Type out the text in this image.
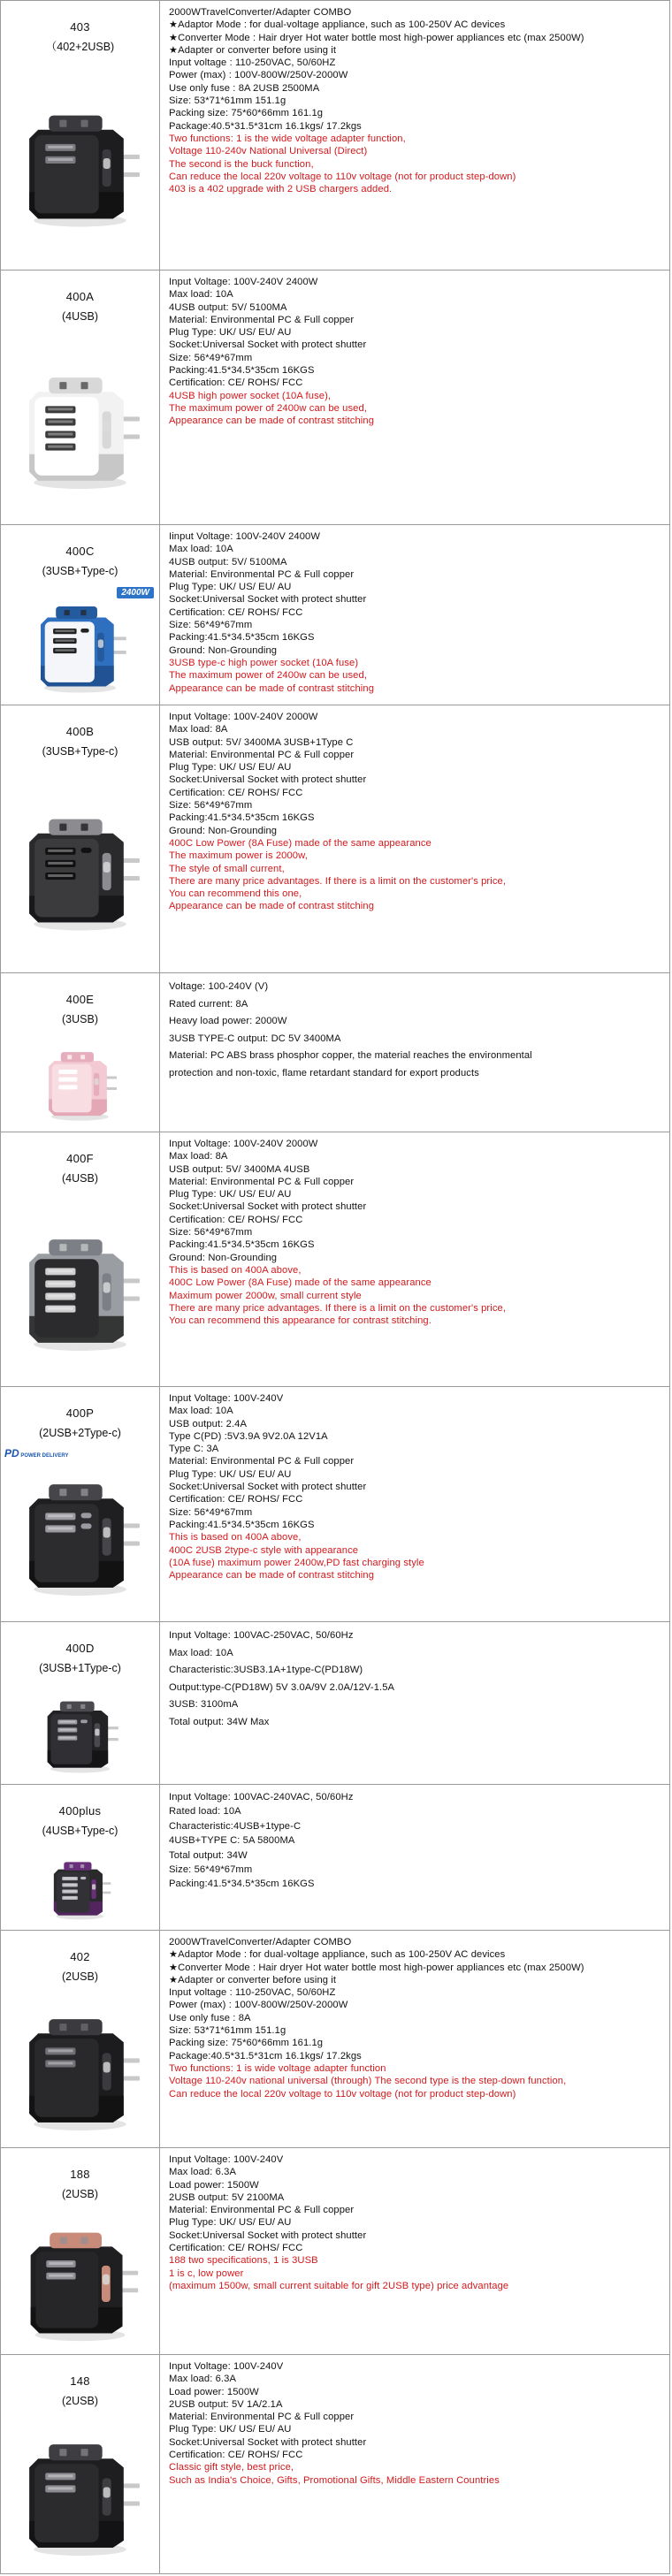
403
（402+2USB)
2000WTravelConverter/Adapter COMBO
★Adaptor Mode : for dual-voltage appliance, such as 100-250V AC devices
★Converter Mode : Hair dryer Hot water bottle most high-power appliances etc (max 2500W)
★Adapter or converter before using it
Input voltage : 110-250VAC, 50/60HZ
Power (max) : 100V-800W/250V-2000W
Use only fuse : 8A 2USB 2500MA
Size: 53*71*61mm 151.1g
Packing size: 75*60*66mm 161.1g
Package:40.5*31.5*31cm 16.1kgs/ 17.2kgs
Two functions: 1 is the wide voltage adapter function,
Voltage 110-240v National Universal (Direct)
The second is the buck function,
Can reduce the local 220v voltage to 110v voltage (not for product step-down)
403 is a 402 upgrade with 2 USB chargers added.
400A
(4USB)
Input Voltage: 100V-240V 2400W
Max load: 10A
4USB output: 5V/ 5100MA
Material: Environmental PC & Full copper
Plug Type: UK/ US/ EU/ AU
Socket:Universal Socket with protect shutter
Size: 56*49*67mm
Packing:41.5*34.5*35cm 16KGS
Certification: CE/ ROHS/ FCC
4USB high power socket (10A fuse),
The maximum power of 2400w can be used,
Appearance can be made of contrast stitching
400C
(3USB+Type-c)
2400W
Iinput Voltage: 100V-240V 2400W
Max load: 10A
4USB output: 5V/ 5100MA
Material: Environmental PC & Full copper
Plug Type: UK/ US/ EU/ AU
Socket:Universal Socket with protect shutter
Certification: CE/ ROHS/ FCC
Size: 56*49*67mm
Packing:41.5*34.5*35cm 16KGS
Ground: Non-Grounding
3USB type-c high power socket (10A fuse)
The maximum power of 2400w can be used,
Appearance can be made of contrast stitching
400B
(3USB+Type-c)
Input Voltage: 100V-240V 2000W
Max load: 8A
USB output: 5V/ 3400MA 3USB+1Type C
Material: Environmental PC & Full copper
Plug Type: UK/ US/ EU/ AU
Socket:Universal Socket with protect shutter
Certification: CE/ ROHS/ FCC
Size: 56*49*67mm
Packing:41.5*34.5*35cm 16KGS
Ground: Non-Grounding
400C Low Power (8A Fuse) made of the same appearance
The maximum power is 2000w,
The style of small current,
There are many price advantages. If there is a limit on the customer's price,
You can recommend this one,
Appearance can be made of contrast stitching
400E
(3USB)
Voltage: 100-240V (V)
Rated current: 8A
Heavy load power: 2000W
3USB TYPE-C output: DC 5V 3400MA
Material: PC ABS brass phosphor copper, the material reaches the environmental
protection and non-toxic, flame retardant standard for export products
400F
(4USB)
Input Voltage: 100V-240V 2000W
Max load: 8A
USB output: 5V/ 3400MA 4USB
Material: Environmental PC & Full copper
Plug Type: UK/ US/ EU/ AU
Socket:Universal Socket with protect shutter
Certification: CE/ ROHS/ FCC
Size: 56*49*67mm
Packing:41.5*34.5*35cm 16KGS
Ground: Non-Grounding
This is based on 400A above,
400C Low Power (8A Fuse) made of the same appearance
Maximum power 2000w, small current style
There are many price advantages. If there is a limit on the customer's price,
You can recommend this appearance for contrast stitching.
400P
(2USB+2Type-c)
PD POWER DELIVERY
Input Voltage: 100V-240V
Max load: 10A
USB output: 2.4A
Type C(PD) :5V3.9A 9V2.0A 12V1A
Type C: 3A
Material: Environmental PC & Full copper
Plug Type: UK/ US/ EU/ AU
Socket:Universal Socket with protect shutter
Certification: CE/ ROHS/ FCC
Size: 56*49*67mm
Packing:41.5*34.5*35cm 16KGS
This is based on 400A above,
400C 2USB 2type-c style with appearance
(10A fuse) maximum power 2400w,PD fast charging style
Appearance can be made of contrast stitching
400D
(3USB+1Type-c)
Input Voltage: 100VAC-250VAC, 50/60Hz
Max load: 10A
Characteristic:3USB3.1A+1type-C(PD18W)
Output:type-C(PD18W) 5V 3.0A/9V 2.0A/12V-1.5A
3USB: 3100mA
Total output: 34W Max
400plus
(4USB+Type-c)
Input Voltage: 100VAC-240VAC, 50/60Hz
Rated load: 10A
Characteristic:4USB+1type-C
4USB+TYPE C: 5A 5800MA
Total output: 34W
Size: 56*49*67mm
Packing:41.5*34.5*35cm 16KGS
402
(2USB)
2000WTravelConverter/Adapter COMBO
★Adaptor Mode : for dual-voltage appliance, such as 100-250V AC devices
★Converter Mode : Hair dryer Hot water bottle most high-power appliances etc (max 2500W)
★Adapter or converter before using it
Input voltage : 110-250VAC, 50/60HZ
Power (max) : 100V-800W/250V-2000W
Use only fuse : 8A
Size: 53*71*61mm 151.1g
Packing size: 75*60*66mm 161.1g
Package:40.5*31.5*31cm 16.1kgs/ 17.2kgs
Two functions: 1 is wide voltage adapter function
Voltage 110-240v national universal (through) The second type is the step-down function,
Can reduce the local 220v voltage to 110v voltage (not for product step-down)
188
(2USB)
Input Voltage: 100V-240V
Max load: 6.3A
Load power: 1500W
2USB output: 5V 2100MA
Material: Environmental PC & Full copper
Plug Type: UK/ US/ EU/ AU
Socket:Universal Socket with protect shutter
Certification: CE/ ROHS/ FCC
188 two specifications, 1 is 3USB
1 is c, low power
(maximum 1500w, small current suitable for gift 2USB type) price advantage
148
(2USB)
Input Voltage: 100V-240V
Max load: 6.3A
Load power: 1500W
2USB output: 5V 1A/2.1A
Material: Environmental PC & Full copper
Plug Type: UK/ US/ EU/ AU
Socket:Universal Socket with protect shutter
Certification: CE/ ROHS/ FCC
Classic gift style, best price,
Such as India's Choice, Gifts, Promotional Gifts, Middle Eastern Countries
